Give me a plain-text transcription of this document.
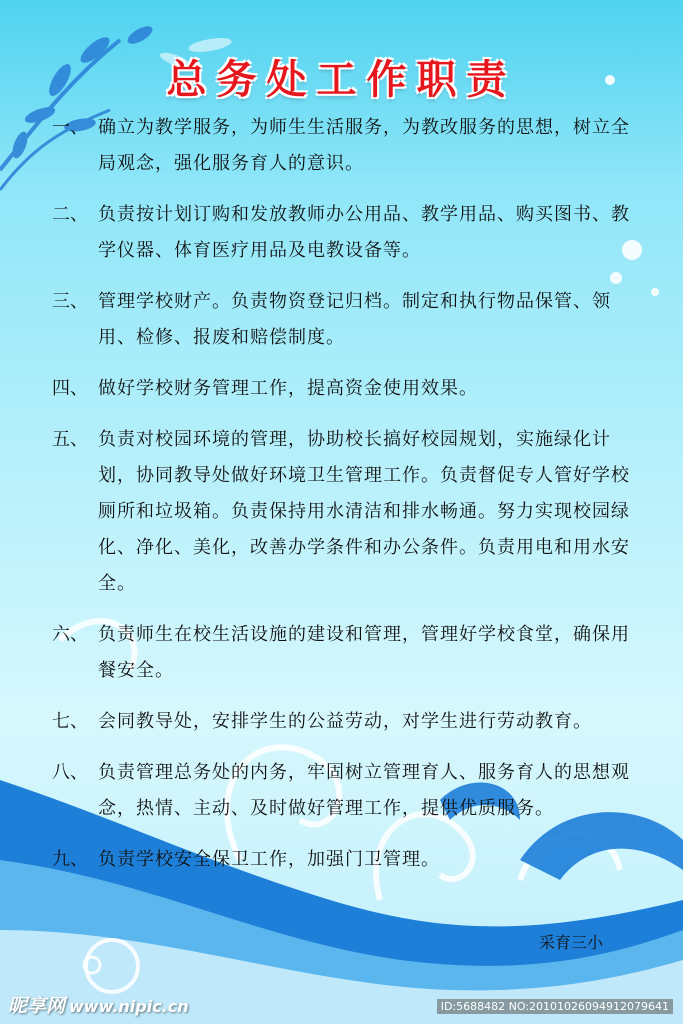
总务处工作职责
一、 确立为教学服务，为师生生活服务，为教改服务的思想，树立全局观念，强化服务育人的意识。
二、 负责按计划订购和发放教师办公用品、教学用品、购买图书、教学仪器、体育医疗用品及电教设备等。
三、 管理学校财产。负责物资登记归档。制定和执行物品保管、领用、检修、报废和赔偿制度。
四、 做好学校财务管理工作，提高资金使用效果。
五、 负责对校园环境的管理，协助校长搞好校园规划，实施绿化计划，协同教导处做好环境卫生管理工作。负责督促专人管好学校厕所和垃圾箱。负责保持用水清洁和排水畅通。努力实现校园绿化、净化、美化，改善办学条件和办公条件。负责用电和用水安全。
六、 负责师生在校生活设施的建设和管理，管理好学校食堂，确保用餐安全。
七、 会同教导处，安排学生的公益劳动，对学生进行劳动教育。
八、 负责管理总务处的内务，牢固树立管理育人、服务育人的思想观念，热情、主动、及时做好管理工作，提供优质服务。
九、 负责学校安全保卫工作，加强门卫管理。
采育三小
昵享网 www.nipic.cn	ID:5688482 NO:20101026094912079641
